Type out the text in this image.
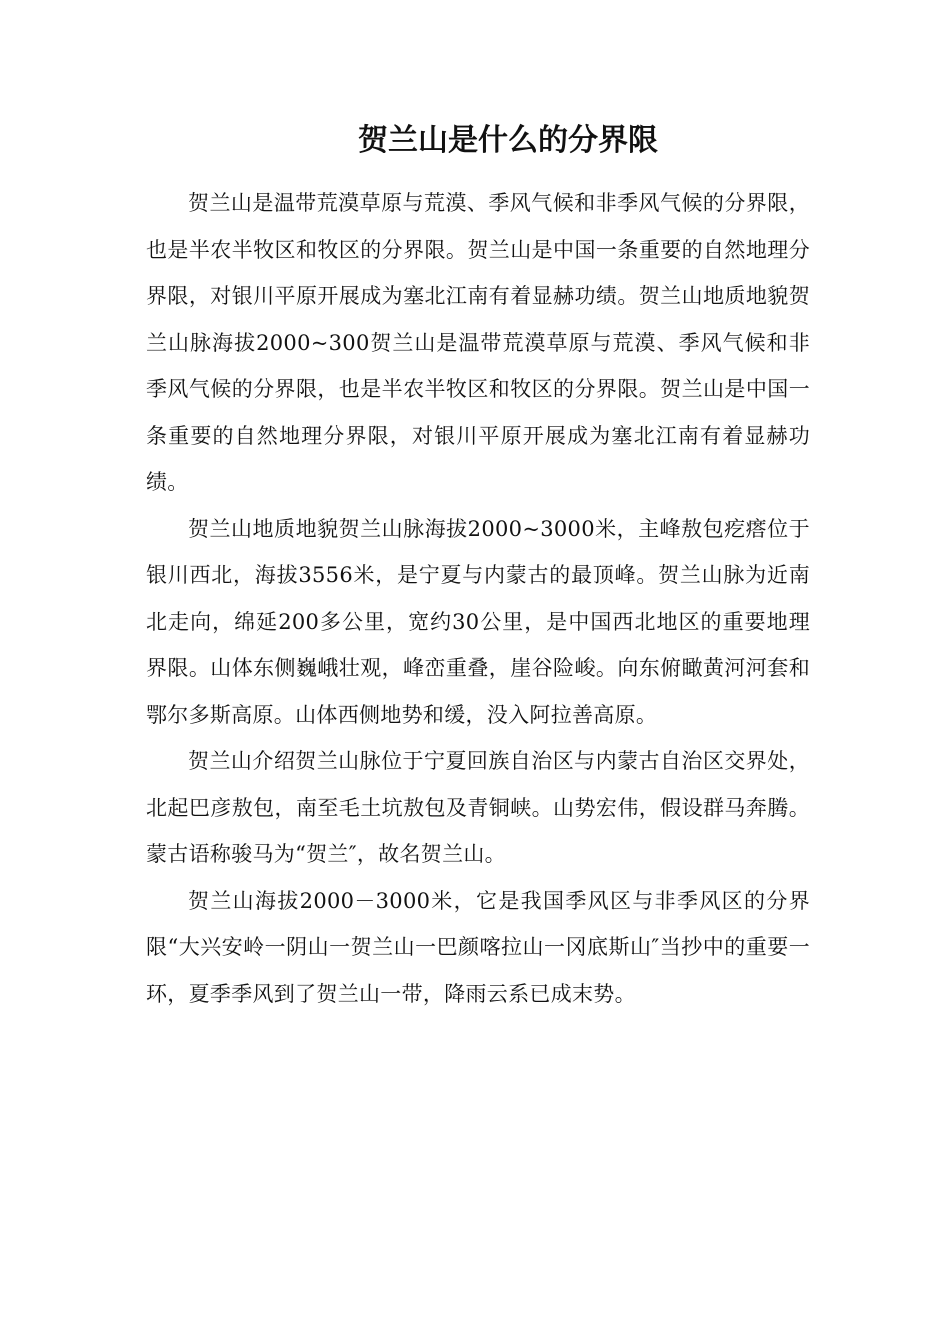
贺兰山是什么的分界限

贺兰山是温带荒漠草原与荒漠、季风气候和非季风气候的分界限，也是半农半牧区和牧区的分界限。贺兰山是中国一条重要的自然地理分界限，对银川平原开展成为塞北江南有着显赫功绩。贺兰山地质地貌贺兰山脉海拔2000~300贺兰山是温带荒漠草原与荒漠、季风气候和非季风气候的分界限，也是半农半牧区和牧区的分界限。贺兰山是中国一条重要的自然地理分界限，对银川平原开展成为塞北江南有着显赫功绩。

贺兰山地质地貌贺兰山脉海拔2000~3000米，主峰敖包疙瘩位于银川西北，海拔3556米，是宁夏与内蒙古的最顶峰。贺兰山脉为近南北走向，绵延200多公里，宽约30公里，是中国西北地区的重要地理界限。山体东侧巍峨壮观，峰峦重叠，崖谷险峻。向东俯瞰黄河河套和鄂尔多斯高原。山体西侧地势和缓，没入阿拉善高原。

贺兰山介绍贺兰山脉位于宁夏回族自治区与内蒙古自治区交界处，北起巴彦敖包，南至毛土坑敖包及青铜峡。山势宏伟，假设群马奔腾。蒙古语称骏马为“贺兰″，故名贺兰山。

贺兰山海拔2000－3000米，它是我国季风区与非季风区的分界限“大兴安岭一阴山一贺兰山一巴颜喀拉山一冈底斯山″当抄中的重要一环，夏季季风到了贺兰山一带，降雨云系已成末势。
